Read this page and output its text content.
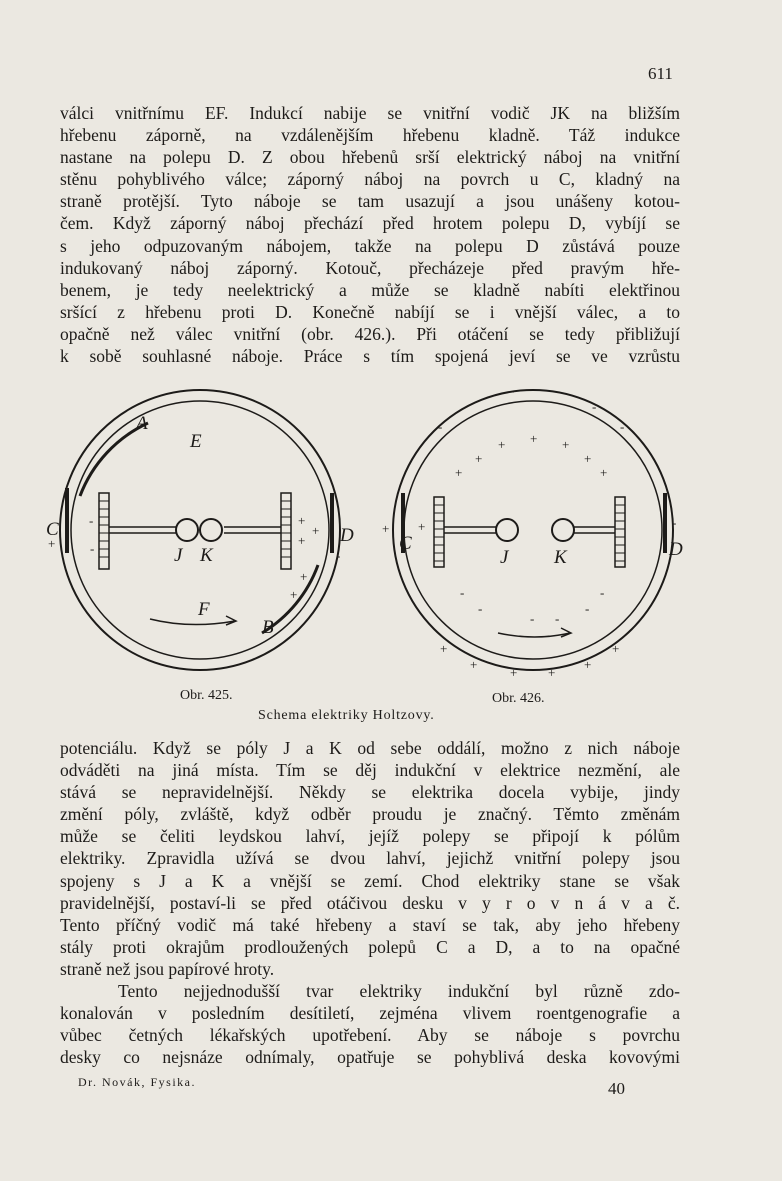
611
válci vnitřnímu EF. Indukcí nabije se vnitřní vodič JK na bližším
hřebenu záporně, na vzdálenějším hřebenu kladně. Táž indukce
nastane na polepu D. Z obou hřebenů srší elektrický náboj na vnitřní
stěnu pohyblivého válce; záporný náboj na povrch u C, kladný na
straně protější. Tyto náboje se tam usazují a jsou unášeny kotou-
čem. Když záporný náboj přechází před hrotem polepu D, vybíjí se
s jeho odpuzovaným nábojem, takže na polepu D zůstává pouze
indukovaný náboj záporný. Kotouč, přecházeje před pravým hře-
benem, je tedy neelektrický a může se kladně nabíti elektřinou
sršící z hřebenu proti D. Konečně nabíjí se i vnější válec, a to
opačně než válec vnitřní (obr. 426.). Při otáčení se tedy přibližují
k sobě souhlasné náboje. Práce s tím spojená jeví se ve vzrůstu
A
E
C	D
J K
F
B
+
-
-
+
+
+
-
+
+
C	D
J K
-	-
-
-
-
+ + +
+	+
+	+
+ +	-
-	-
-	-
- -
+	+
+	+
+ +
Obr. 425.	Obr. 426.
Schema elektriky Holtzovy.
potenciálu. Když se póly J a K od sebe oddálí, možno z nich náboje
odváděti na jiná místa. Tím se děj indukční v elektrice nezmění, ale
stává se nepravidelnější. Někdy se elektrika docela vybije, jindy
změní póly, zvláště, když odběr proudu je značný. Těmto změnám
může se čeliti leydskou lahví, jejíž polepy se připojí k pólům
elektriky. Zpravidla užívá se dvou lahví, jejichž vnitřní polepy jsou
spojeny s J a K a vnější se zemí. Chod elektriky stane se však
pravidelnější, postaví-li se před otáčivou desku v y r o v n á v a č.
Tento příčný vodič má také hřebeny a staví se tak, aby jeho hřebeny
stály proti okrajům prodloužených polepů C a D, a to na opačné
straně než jsou papírové hroty.
Tento nejjednodušší tvar elektriky indukční byl různě zdo-
konalován v posledním desítiletí, zejména vlivem roentgenografie a
vůbec četných lékařských upotřebení. Aby se náboje s povrchu
desky co nejsnáze odnímaly, opatřuje se pohyblivá deska kovovými
Dr. Novák, Fysika.	40
